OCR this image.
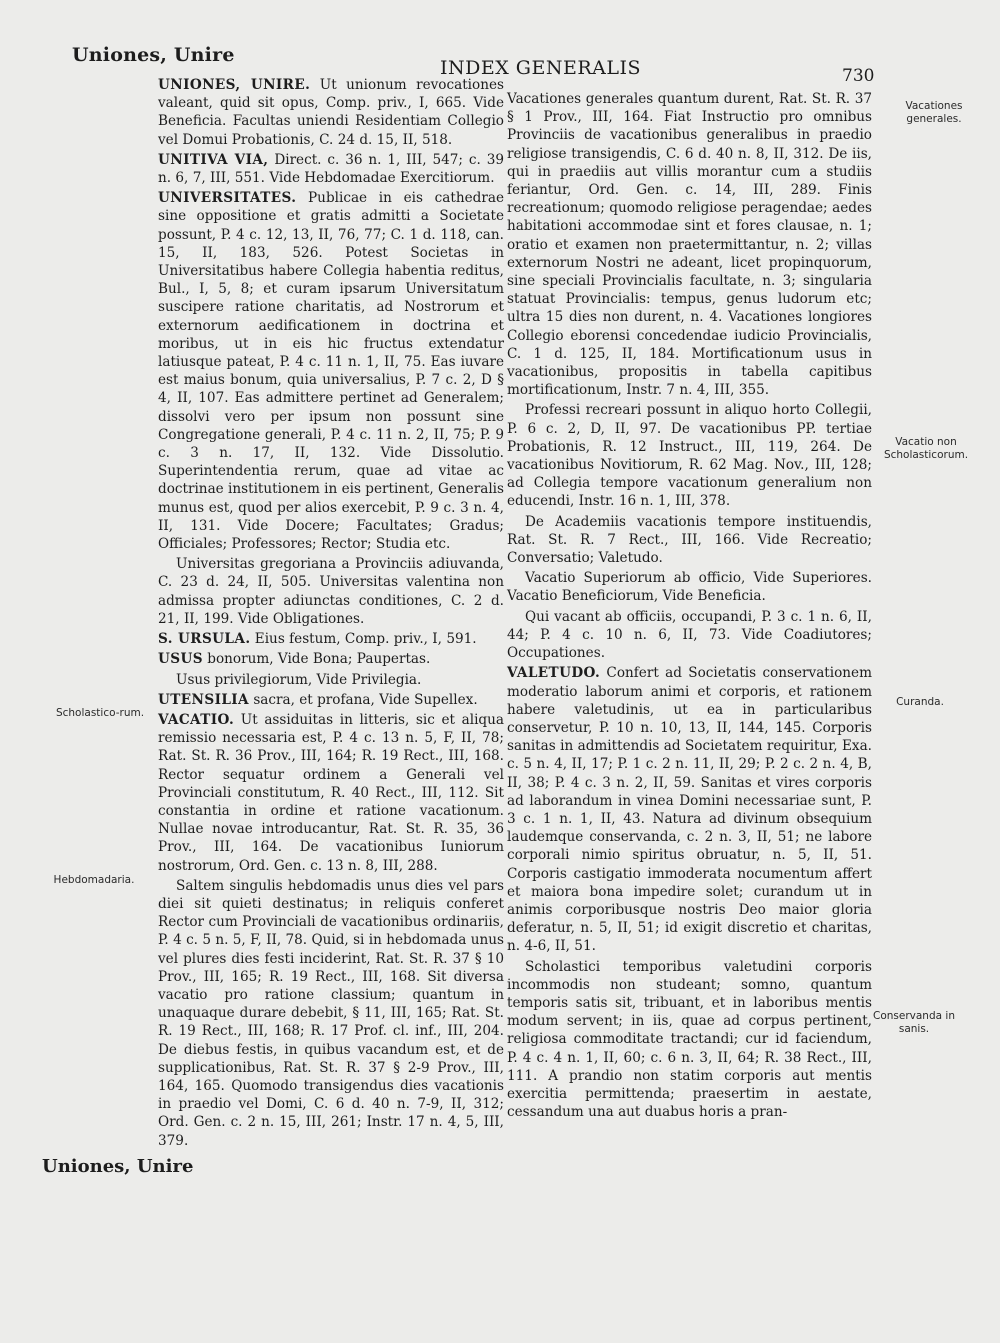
Uniones, Unire
INDEX GENERALIS	730

UNIONES, UNIRE. Ut unionum revocationes valeant, quid sit opus, Comp. priv., I, 665. Vide Beneficia. Facultas uniendi Residentiam Collegio vel Domui Probationis, C. 24 d. 15, II, 518.

UNITIVA VIA, Direct. c. 36 n. 1, III, 547; c. 39 n. 6, 7, III, 551. Vide Hebdomadae Exercitiorum.

UNIVERSITATES. Publicae in eis cathedrae sine oppositione et gratis admitti a Societate possunt, P. 4 c. 12, 13, II, 76, 77; C. 1 d. 118, can. 15, II, 183, 526. Potest Societas in Universitatibus habere Collegia habentia reditus, Bul., I, 5, 8; et curam ipsarum Universitatum suscipere ratione charitatis, ad Nostrorum et externorum aedificationem in doctrina et moribus, ut in eis hic fructus extendatur latiusque pateat, P. 4 c. 11 n. 1, II, 75. Eas iuvare est maius bonum, quia universalius, P. 7 c. 2, D § 4, II, 107. Eas admittere pertinet ad Generalem; dissolvi vero per ipsum non possunt sine Congregatione generali, P. 4 c. 11 n. 2, II, 75; P. 9 c. 3 n. 17, II, 132. Vide Dissolutio. Superintendentia rerum, quae ad vitae ac doctrinae institutionem in eis pertinent, Generalis munus est, quod per alios exercebit, P. 9 c. 3 n. 4, II, 131. Vide Docere; Facultates; Gradus; Officiales; Professores; Rector; Studia etc.

Universitas gregoriana a Provinciis adiuvanda, C. 23 d. 24, II, 505. Universitas valentina non admissa propter adiunctas conditiones, C. 2 d. 21, II, 199. Vide Obligationes.

S. URSULA. Eius festum, Comp. priv., I, 591.

USUS bonorum, Vide Bona; Paupertas.

Usus privilegiorum, Vide Privilegia.

UTENSILIA sacra, et profana, Vide Supellex.

VACATIO. Ut assiduitas in litteris, sic et aliqua remissio necessaria est, P. 4 c. 13 n. 5, F, II, 78; Rat. St. R. 36 Prov., III, 164; R. 19 Rect., III, 168. Rector sequatur ordinem a Generali vel Provinciali constitutum, R. 40 Rect., III, 112. Sit constantia in ordine et ratione vacationum. Nullae novae introducantur, Rat. St. R. 35, 36 Prov., III, 164. De vacationibus Iuniorum nostrorum, Ord. Gen. c. 13 n. 8, III, 288.

Saltem singulis hebdomadis unus dies vel pars diei sit quieti destinatus; in reliquis conferet Rector cum Provinciali de vacationibus ordinariis, P. 4 c. 5 n. 5, F, II, 78. Quid, si in hebdomada unus vel plures dies festi inciderint, Rat. St. R. 37 § 10 Prov., III, 165; R. 19 Rect., III, 168. Sit diversa vacatio pro ratione classium; quantum in unaquaque durare debebit, § 11, III, 165; Rat. St. R. 19 Rect., III, 168; R. 17 Prof. cl. inf., III, 204. De diebus festis, in quibus vacandum est, et de supplicationibus, Rat. St. R. 37 § 2-9 Prov., III, 164, 165. Quomodo transigendus dies vacationis in praedio vel Domi, C. 6 d. 40 n. 7-9, II, 312; Ord. Gen. c. 2 n. 15, III, 261; Instr. 17 n. 4, 5, III, 379.

Vacationes generales quantum durent, Rat. St. R. 37 § 1 Prov., III, 164. Fiat Instructio pro omnibus Provinciis de vacationibus generalibus in praedio religiose transigendis, C. 6 d. 40 n. 8, II, 312. De iis, qui in praediis aut villis morantur cum a studiis feriantur, Ord. Gen. c. 14, III, 289. Finis recreationum; quomodo religiose peragendae; aedes habitationi accommodae sint et fores clausae, n. 1; oratio et examen non praetermittantur, n. 2; villas externorum Nostri ne adeant, licet propinquorum, sine speciali Provincialis facultate, n. 3; singularia statuat Provincialis: tempus, genus ludorum etc; ultra 15 dies non durent, n. 4. Vacationes longiores Collegio eborensi concedendae iudicio Provincialis, C. 1 d. 125, II, 184. Mortificationum usus in vacationibus, propositis in tabella capitibus mortificationum, Instr. 7 n. 4, III, 355.

Professi recreari possunt in aliquo horto Collegii, P. 6 c. 2, D, II, 97. De vacationibus PP. tertiae Probationis, R. 12 Instruct., III, 119, 264. De vacationibus Novitiorum, R. 62 Mag. Nov., III, 128; ad Collegia tempore vacationum generalium non educendi, Instr. 16 n. 1, III, 378.

De Academiis vacationis tempore instituendis, Rat. St. R. 7 Rect., III, 166. Vide Recreatio; Conversatio; Valetudo.

Vacatio Superiorum ab officio, Vide Superiores. Vacatio Beneficiorum, Vide Beneficia.

Qui vacant ab officiis, occupandi, P. 3 c. 1 n. 6, II, 44; P. 4 c. 10 n. 6, II, 73. Vide Coadiutores; Occupationes.

VALETUDO. Confert ad Societatis conservationem moderatio laborum animi et corporis, et rationem habere valetudinis, ut ea in particularibus conservetur, P. 10 n. 10, 13, II, 144, 145. Corporis sanitas in admittendis ad Societatem requiritur, Exa. c. 5 n. 4, II, 17; P. 1 c. 2 n. 11, II, 29; P. 2 c. 2 n. 4, B, II, 38; P. 4 c. 3 n. 2, II, 59. Sanitas et vires corporis ad laborandum in vinea Domini necessariae sunt, P. 3 c. 1 n. 1, II, 43. Natura ad divinum obsequium laudemque conservanda, c. 2 n. 3, II, 51; ne labore corporali nimio spiritus obruatur, n. 5, II, 51. Corporis castigatio immoderata nocumentum affert et maiora bona impedire solet; curandum ut in animis corporibusque nostris Deo maior gloria deferatur, n. 5, II, 51; id exigit discretio et charitas, n. 4-6, II, 51.

Scholastici temporibus valetudini corporis incommodis non studeant; somno, quantum temporis satis sit, tribuant, et in laboribus mentis modum servent; in iis, quae ad corpus pertinent, religiosa commoditate tractandi; cur id faciendum, P. 4 c. 4 n. 1, II, 60; c. 6 n. 3, II, 64; R. 38 Rect., III, 111. A prandio non statim corporis aut mentis exercitia permittenda; praesertim in aestate, cessandum una aut duabus horis a pran-

Scholastico-rum.
Hebdomadaria.
Vacationes generales.
Vacatio non Scholasticorum.
Curanda.
Conservanda in sanis.
Uniones, Unire
